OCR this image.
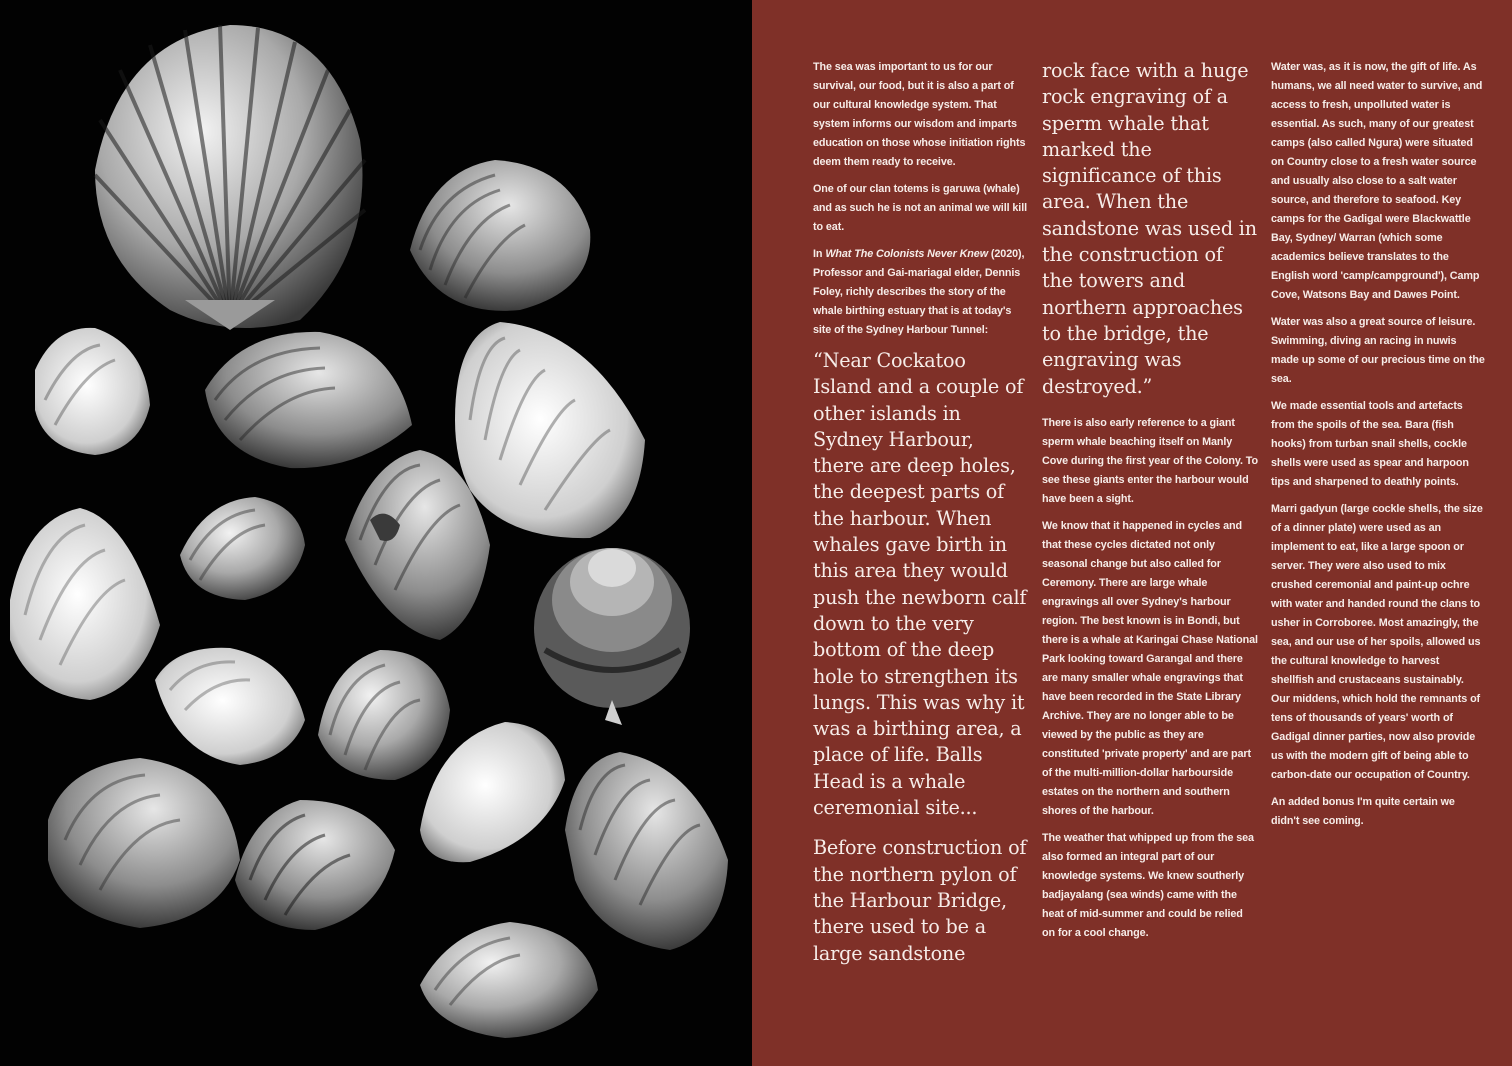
The sea was important to us for our survival, our food, but it is also a part of our cultural knowledge system. That system informs our wisdom and imparts education on those whose initiation rights deem them ready to receive.

One of our clan totems is garuwa (whale) and as such he is not an animal we will kill to eat.

In What The Colonists Never Knew (2020), Professor and Gai-mariagal elder, Dennis Foley, richly describes the story of the whale birthing estuary that is at today's site of the Sydney Harbour Tunnel:

“Near Cockatoo Island and a couple of other islands in Sydney Harbour, there are deep holes, the deepest parts of the harbour. When whales gave birth in this area they would push the newborn calf down to the very bottom of the deep hole to strengthen its lungs. This was why it was a birthing area, a place of life. Balls Head is a whale ceremonial site...

Before construction of the northern pylon of the Harbour Bridge, there used to be a large sandstone

rock face with a huge rock engraving of a sperm whale that marked the significance of this area. When the sandstone was used in the construction of the towers and northern approaches to the bridge, the engraving was destroyed.”

There is also early reference to a giant sperm whale beaching itself on Manly Cove during the first year of the Colony. To see these giants enter the harbour would have been a sight.

We know that it happened in cycles and that these cycles dictated not only seasonal change but also called for Ceremony. There are large whale engravings all over Sydney's harbour region. The best known is in Bondi, but there is a whale at Karingai Chase National Park looking toward Garangal and there are many smaller whale engravings that have been recorded in the State Library Archive. They are no longer able to be viewed by the public as they are constituted 'private property' and are part of the multi-million-dollar harbourside estates on the northern and southern shores of the harbour.

The weather that whipped up from the sea also formed an integral part of our knowledge systems. We knew southerly badjayalang (sea winds) came with the heat of mid-summer and could be relied on for a cool change.

Water was, as it is now, the gift of life. As humans, we all need water to survive, and access to fresh, unpolluted water is essential. As such, many of our greatest camps (also called Ngura) were situated on Country close to a fresh water source and usually also close to a salt water source, and therefore to seafood. Key camps for the Gadigal were Blackwattle Bay, Sydney/ Warran (which some academics believe translates to the English word 'camp/campground'), Camp Cove, Watsons Bay and Dawes Point.

Water was also a great source of leisure. Swimming, diving an racing in nuwis made up some of our precious time on the sea.

We made essential tools and artefacts from the spoils of the sea. Bara (fish hooks) from turban snail shells, cockle shells were used as spear and harpoon tips and sharpened to deathly points.

Marri gadyun (large cockle shells, the size of a dinner plate) were used as an implement to eat, like a large spoon or server. They were also used to mix crushed ceremonial and paint-up ochre with water and handed round the clans to usher in Corroboree. Most amazingly, the sea, and our use of her spoils, allowed us the cultural knowledge to harvest shellfish and crustaceans sustainably. Our middens, which hold the remnants of tens of thousands of years' worth of Gadigal dinner parties, now also provide us with the modern gift of being able to carbon-date our occupation of Country.

An added bonus I'm quite certain we didn't see coming.
